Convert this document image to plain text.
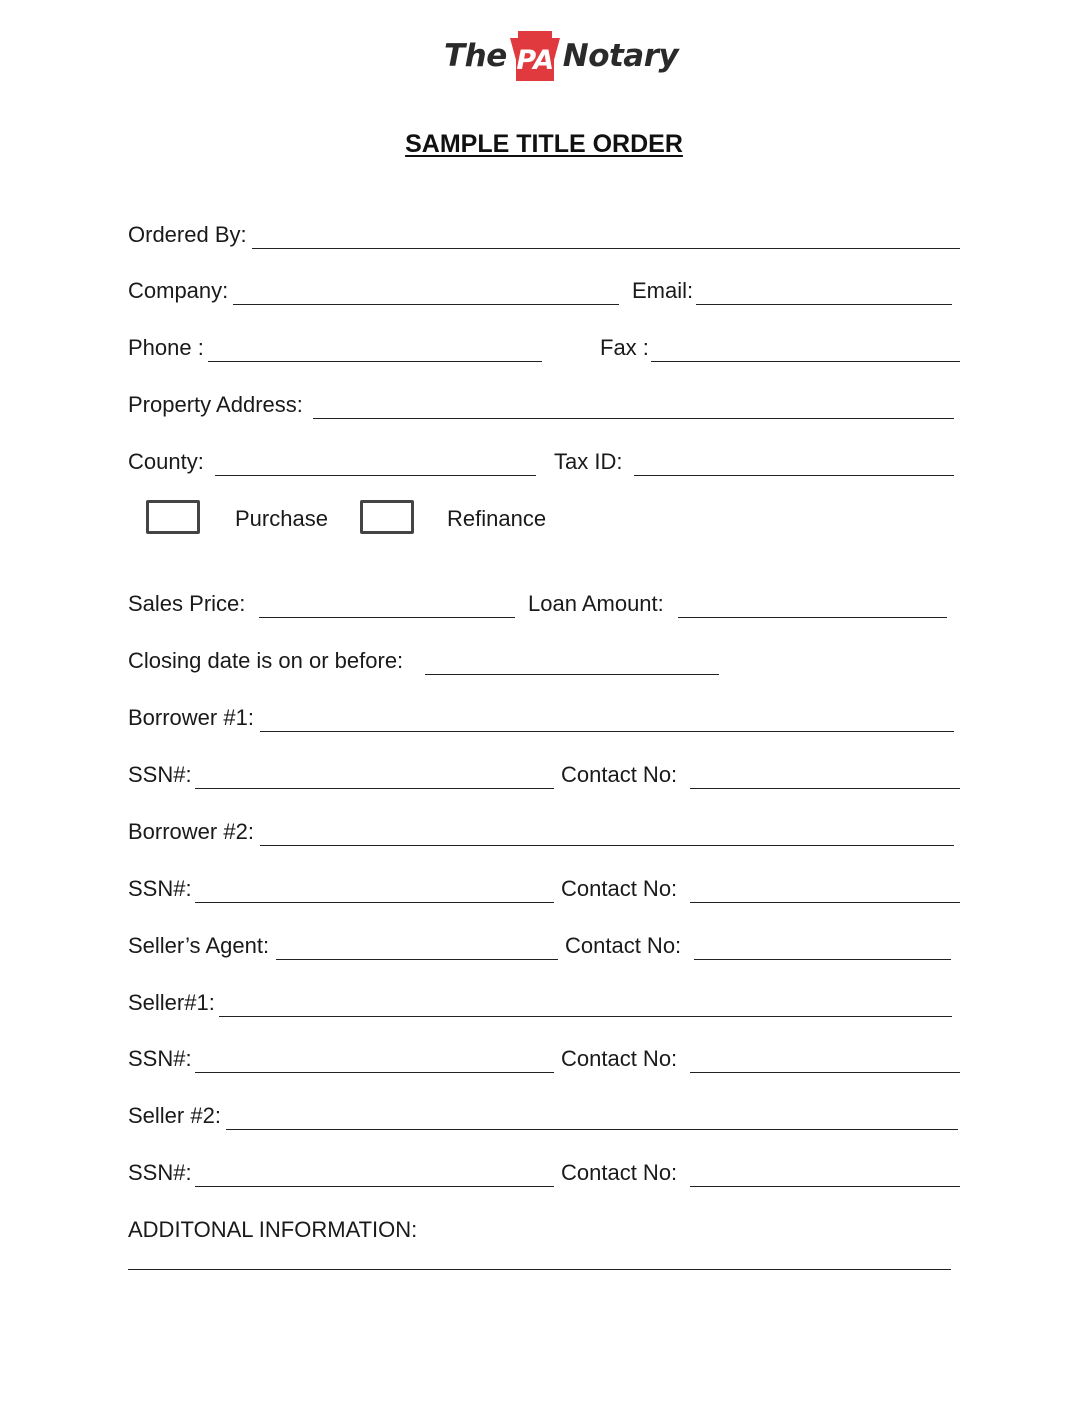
The PA Notary
SAMPLE TITLE ORDER
Ordered By:
Company:	Email:
Phone :	Fax :
Property Address:
County:	Tax ID:
Purchase	Refinance
Sales Price:	Loan Amount:
Closing date is on or before:
Borrower #1:
SSN#:	Contact No:
Borrower #2:
SSN#:	Contact No:
Seller’s Agent:	Contact No:
Seller#1:
SSN#:	Contact No:
Seller #2:
SSN#:	Contact No:
ADDITONAL INFORMATION:
